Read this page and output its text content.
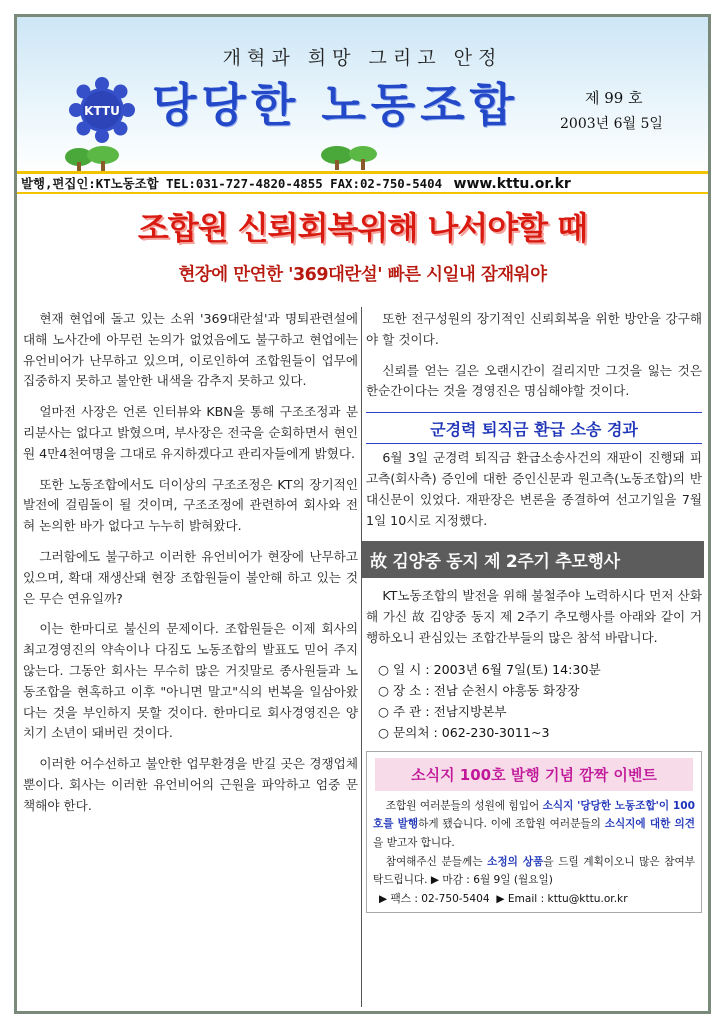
개혁과 희망 그리고 안정
KTTU 당당한 노동조합	제 99 호
2003년 6월 5일
발행,편집인:KT노동조합 TEL:031-727-4820-4855 FAX:02-750-5404 www.kttu.or.kr
조합원 신뢰회복위해 나서야할 때
현장에 만연한 '369대란설' 빠른 시일내 잠재워야

현재 현업에 돌고 있는 소위 '369대란설'과 명퇴관련설에 대해 노사간에 아무런 논의가 없었음에도 불구하고 현업에는 유언비어가 난무하고 있으며, 이로인하여 조합원들이 업무에 집중하지 못하고 불안한 내색을 감추지 못하고 있다.

얼마전 사장은 언론 인터뷰와 KBN을 통해 구조조정과 분리분사는 없다고 밝혔으며, 부사장은 전국을 순회하면서 현인원 4만4천여명을 그대로 유지하겠다고 관리자들에게 밝혔다.

또한 노동조합에서도 더이상의 구조조정은 KT의 장기적인 발전에 걸림돌이 될 것이며, 구조조정에 관련하여 회사와 전혀 논의한 바가 없다고 누누히 밝혀왔다.

그러함에도 불구하고 이러한 유언비어가 현장에 난무하고 있으며, 확대 재생산돼 현장 조합원들이 불안해 하고 있는 것은 무슨 연유일까?

이는 한마디로 불신의 문제이다. 조합원들은 이제 회사의 최고경영진의 약속이나 다짐도 노동조합의 발표도 믿어 주지 않는다. 그동안 회사는 무수히 많은 거짓말로 종사원들과 노동조합을 현혹하고 이후 "아니면 말고"식의 번복을 일삼아왔다는 것을 부인하지 못할 것이다. 한마디로 회사경영진은 양치기 소년이 돼버린 것이다.

이러한 어수선하고 불안한 업무환경을 반길 곳은 경쟁업체뿐이다. 회사는 이러한 유언비어의 근원을 파악하고 엄중 문책해야 한다.

또한 전구성원의 장기적인 신뢰회복을 위한 방안을 강구해야 할 것이다.

신뢰를 얻는 길은 오랜시간이 걸리지만 그것을 잃는 것은 한순간이다는 것을 경영진은 명심해야할 것이다.

군경력 퇴직금 환급 소송 경과

6월 3일 군경력 퇴직금 환급소송사건의 재판이 진행돼 피고측(회사측) 증인에 대한 증인신문과 원고측(노동조합)의 반대신문이 있었다. 재판장은 변론을 종결하여 선고기일을 7월 1일 10시로 지정했다.

故 김양중 동지 제 2주기 추모행사

KT노동조합의 발전을 위해 불철주야 노력하시다 먼저 산화해 가신 故 김양중 동지 제 2주기 추모행사를 아래와 같이 거행하오니 관심있는 조합간부들의 많은 참석 바랍니다.

○ 일 시 : 2003년 6월 7일(토) 14:30분
○ 장 소 : 전남 순천시 야흥동 화장장
○ 주 관 : 전남지방본부
○ 문의처 : 062-230-3011~3
소식지 100호 발행 기념 깜짝 이벤트
조합원 여러분들의 성원에 힘입어 소식지 '당당한 노동조합'이 100호를 발행하게 됐습니다. 이에 조합원 여러분들의 소식지에 대한 의견을 받고자 합니다.
참여해주신 분들께는 소정의 상품을 드릴 계획이오니 많은 참여부탁드립니다. ▶ 마감 : 6월 9일 (월요일)
▶ 팩스 : 02-750-5404 ▶ Email : kttu@kttu.or.kr
